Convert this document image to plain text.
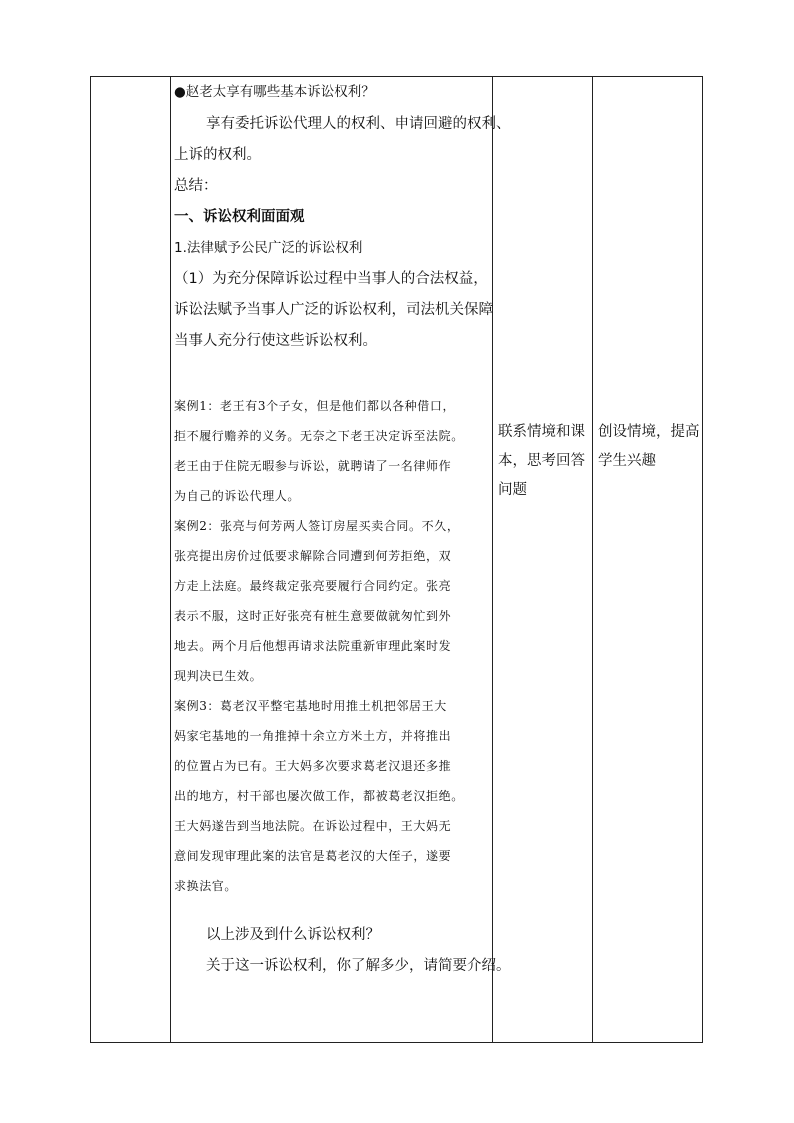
●赵老太享有哪些基本诉讼权利？
享有委托诉讼代理人的权利、申请回避的权利、
上诉的权利。
总结：
一、诉讼权利面面观
1.法律赋予公民广泛的诉讼权利
（1）为充分保障诉讼过程中当事人的合法权益，
诉讼法赋予当事人广泛的诉讼权利，司法机关保障
当事人充分行使这些诉讼权利。
案例1：老王有3个子女，但是他们都以各种借口，
拒不履行赡养的义务。无奈之下老王决定诉至法院。
老王由于住院无暇参与诉讼，就聘请了一名律师作
为自己的诉讼代理人。
案例2：张亮与何芳两人签订房屋买卖合同。不久，
张亮提出房价过低要求解除合同遭到何芳拒绝，双
方走上法庭。最终裁定张亮要履行合同约定。张亮
表示不服，这时正好张亮有桩生意要做就匆忙到外
地去。两个月后他想再请求法院重新审理此案时发
现判决已生效。
案例3：葛老汉平整宅基地时用推土机把邻居王大
妈家宅基地的一角推掉十余立方米土方，并将推出
的位置占为已有。王大妈多次要求葛老汉退还多推
出的地方，村干部也屡次做工作，都被葛老汉拒绝。
王大妈遂告到当地法院。在诉讼过程中，王大妈无
意间发现审理此案的法官是葛老汉的大侄子，遂要
求换法官。
以上涉及到什么诉讼权利？
关于这一诉讼权利，你了解多少，请简要介绍。
联系情境和课
本，思考回答
问题
创设情境，提高
学生兴趣
